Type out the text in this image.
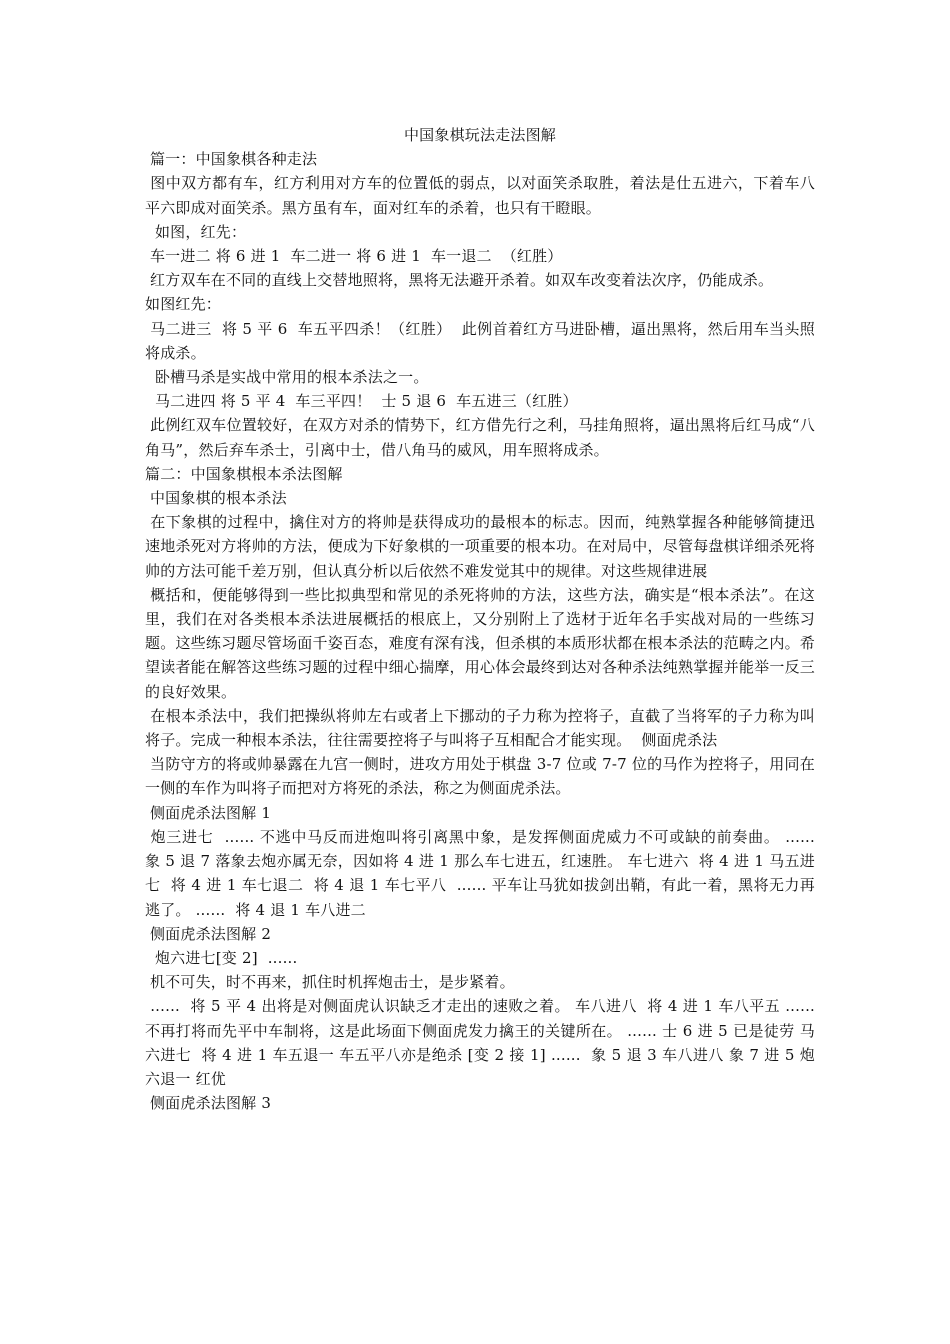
中国象棋玩法走法图解

篇一：中国象棋各种走法

图中双方都有车，红方利用对方车的位置低的弱点，以对面笑杀取胜，着法是仕五进六，下着车八平六即成对面笑杀。黑方虽有车，面对红车的杀着，也只有干瞪眼。

如图，红先：

车一进二 将 6 进 1  车二进一 将 6 进 1  车一退二  （红胜）

红方双车在不同的直线上交替地照将，黑将无法避开杀着。如双车改变着法次序，仍能成杀。

如图红先：

马二进三  将 5 平 6  车五平四杀！（红胜）  此例首着红方马进卧槽，逼出黑将，然后用车当头照将成杀。

卧槽马杀是实战中常用的根本杀法之一。

马二进四 将 5 平 4  车三平四！  士 5 退 6  车五进三（红胜）

此例红双车位置较好，在双方对杀的情势下，红方借先行之利，马挂角照将，逼出黑将后红马成“八角马”，然后弃车杀士，引离中士，借八角马的威风，用车照将成杀。

篇二：中国象棋根本杀法图解

中国象棋的根本杀法

在下象棋的过程中，擒住对方的将帅是获得成功的最根本的标志。因而，纯熟掌握各种能够简捷迅速地杀死对方将帅的方法，便成为下好象棋的一项重要的根本功。在对局中，尽管每盘棋详细杀死将帅的方法可能千差万别，但认真分析以后依然不难发觉其中的规律。对这些规律进展

概括和，便能够得到一些比拟典型和常见的杀死将帅的方法，这些方法，确实是“根本杀法”。在这里，我们在对各类根本杀法进展概括的根底上，又分别附上了选材于近年名手实战对局的一些练习题。这些练习题尽管场面千姿百态，难度有深有浅，但杀棋的本质形状都在根本杀法的范畴之内。希望读者能在解答这些练习题的过程中细心揣摩，用心体会最终到达对各种杀法纯熟掌握并能举一反三的良好效果。

在根本杀法中，我们把操纵将帅左右或者上下挪动的子力称为控将子，直截了当将军的子力称为叫将子。完成一种根本杀法，往往需要控将子与叫将子互相配合才能实现。  侧面虎杀法

当防守方的将或帅暴露在九宫一侧时，进攻方用处于棋盘 3-7 位或 7-7 位的马作为控将子，用同在一侧的车作为叫将子而把对方将死的杀法，称之为侧面虎杀法。

侧面虎杀法图解 1

炮三进七  ...... 不逃中马反而进炮叫将引离黑中象，是发挥侧面虎威力不可或缺的前奏曲。 ......  象 5 退 7 落象去炮亦属无奈，因如将 4 进 1 那么车七进五，红速胜。 车七进六  将 4 进 1 马五进七  将 4 进 1 车七退二  将 4 退 1 车七平八  ...... 平车让马犹如拔剑出鞘，有此一着，黑将无力再逃了。 ......  将 4 退 1 车八进二

侧面虎杀法图解 2

炮六进七[变 2]  ......

机不可失，时不再来，抓住时机挥炮击士，是步紧着。

......  将 5 平 4 出将是对侧面虎认识缺乏才走出的速败之着。 车八进八  将 4 进 1 车八平五 ...... 不再打将而先平中车制将，这是此场面下侧面虎发力擒王的关键所在。 ...... 士 6 进 5 已是徒劳 马六进七  将 4 进 1 车五退一 车五平八亦是绝杀 [变 2 接 1] ......  象 5 退 3 车八进八 象 7 进 5 炮六退一 红优

侧面虎杀法图解 3
